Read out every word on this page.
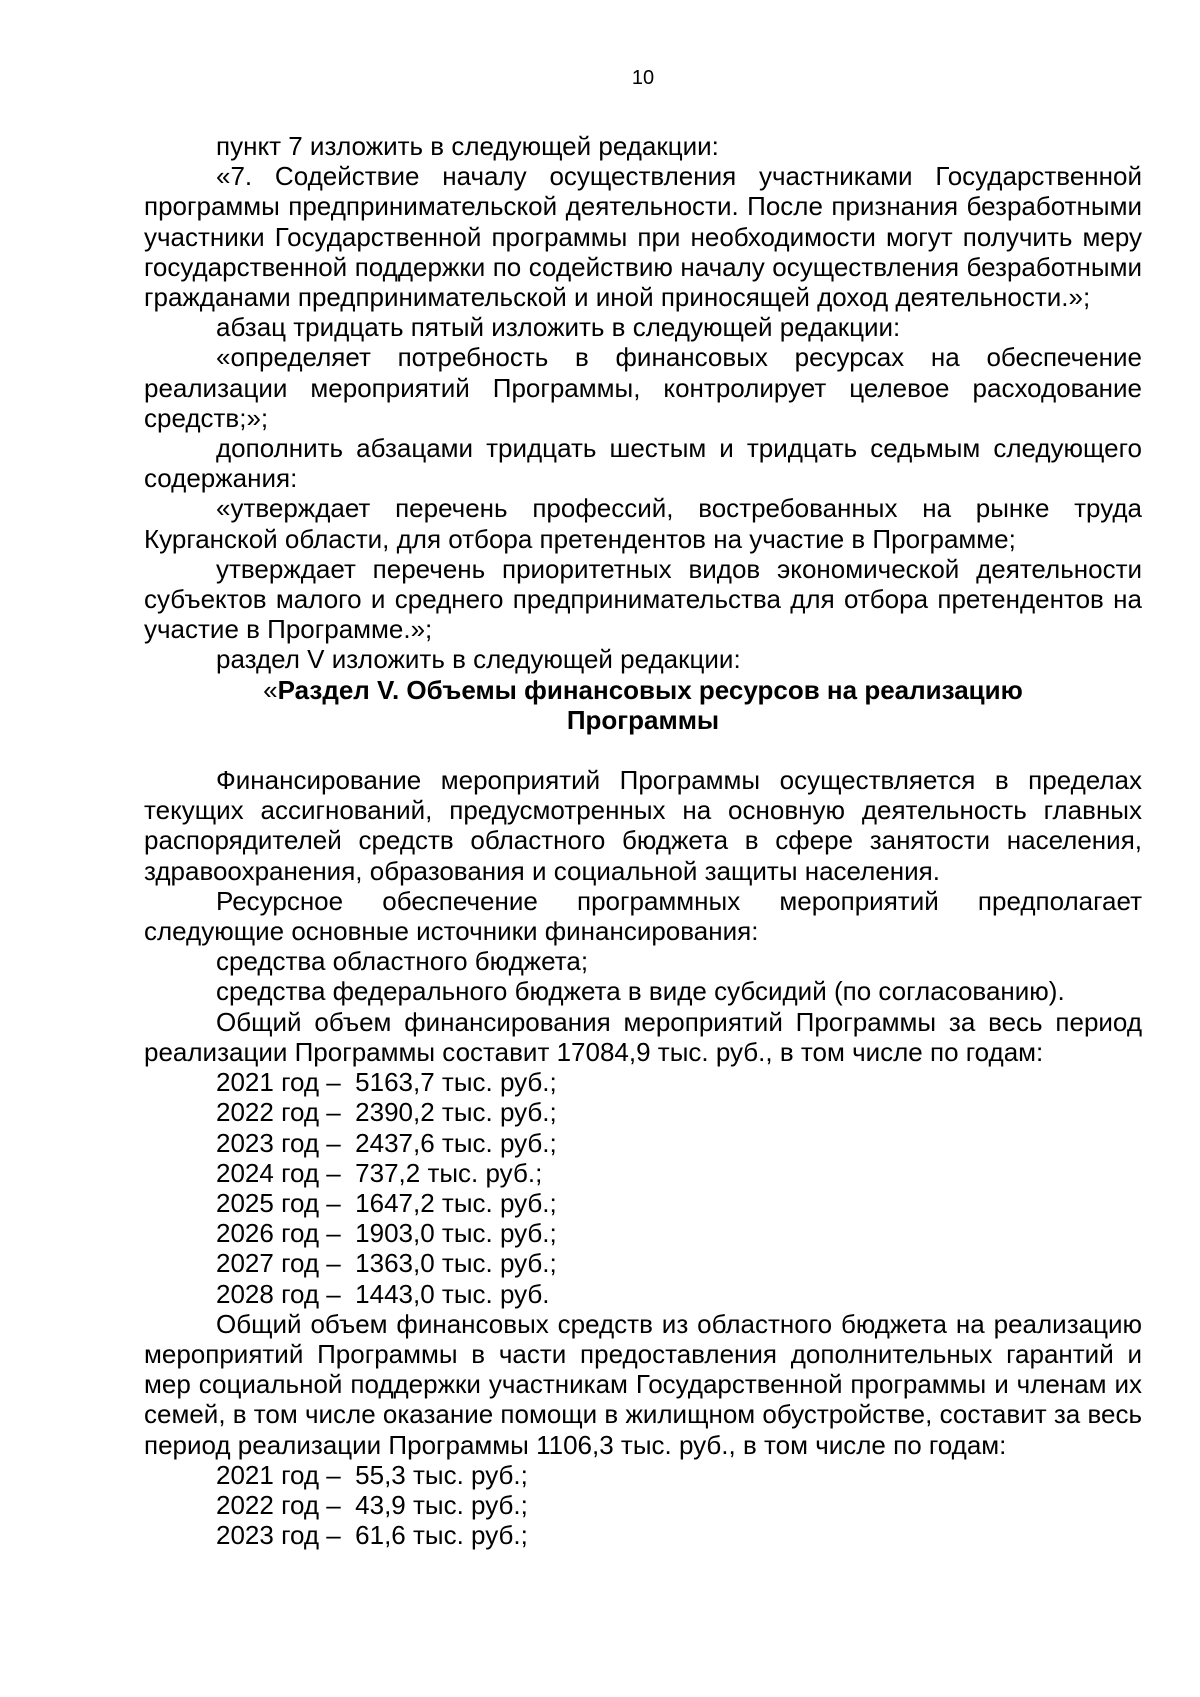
10

пункт 7 изложить в следующей редакции:

«7. Содействие началу осуществления участниками Государственной программы предпринимательской деятельности. После признания безработными участники Государственной программы при необходимости могут получить меру государственной поддержки по содействию началу осуществления безработными гражданами предпринимательской и иной приносящей доход деятельности.»;

абзац тридцать пятый изложить в следующей редакции:

«определяет потребность в финансовых ресурсах на обеспечение реализации мероприятий Программы, контролирует целевое расходование средств;»;

дополнить абзацами тридцать шестым и тридцать седьмым следующего содержания:

«утверждает перечень профессий, востребованных на рынке труда Курганской области, для отбора претендентов на участие в Программе;

утверждает перечень приоритетных видов экономической деятельности субъектов малого и среднего предпринимательства для отбора претендентов на участие в Программе.»;

раздел V изложить в следующей редакции:

«Раздел V. Объемы финансовых ресурсов на реализацию
Программы

Финансирование мероприятий Программы осуществляется в пределах текущих ассигнований, предусмотренных на основную деятельность главных распорядителей средств областного бюджета в сфере занятости населения, здравоохранения, образования и социальной защиты населения.

Ресурсное обеспечение программных мероприятий предполагает следующие основные источники финансирования:

средства областного бюджета;

средства федерального бюджета в виде субсидий (по согласованию).

Общий объем финансирования мероприятий Программы за весь период реализации Программы составит 17084,9 тыс. руб., в том числе по годам:

2021 год –  5163,7 тыс. руб.;

2022 год –  2390,2 тыс. руб.;

2023 год –  2437,6 тыс. руб.;

2024 год –  737,2 тыс. руб.;

2025 год –  1647,2 тыс. руб.;

2026 год –  1903,0 тыс. руб.;

2027 год –  1363,0 тыс. руб.;

2028 год –  1443,0 тыс. руб.

Общий объем финансовых средств из областного бюджета на реализацию мероприятий Программы в части предоставления дополнительных гарантий и мер социальной поддержки участникам Государственной программы и членам их семей, в том числе оказание помощи в жилищном обустройстве, составит за весь период реализации Программы 1106,3 тыс. руб., в том числе по годам:

2021 год –  55,3 тыс. руб.;

2022 год –  43,9 тыс. руб.;

2023 год –  61,6 тыс. руб.;
